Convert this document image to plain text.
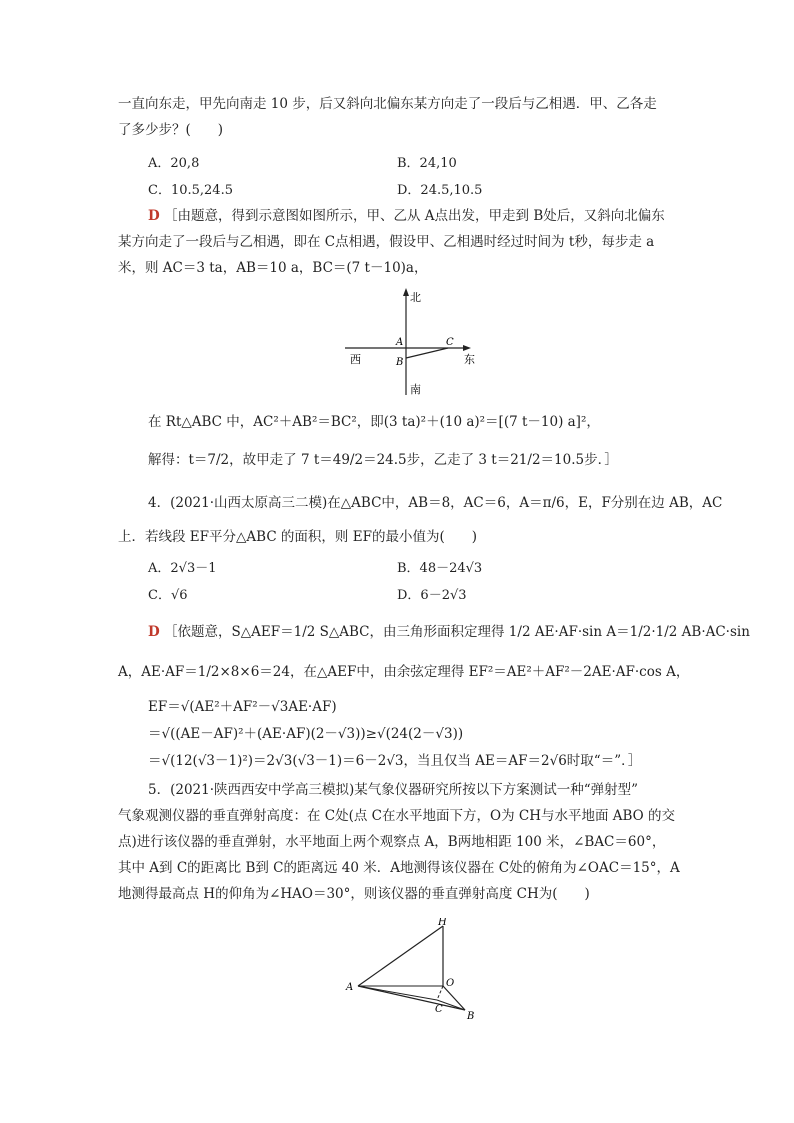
一直向东走，甲先向南走 10 步，后又斜向北偏东某方向走了一段后与乙相遇．甲、乙各走
了多少步？(　　)
A．20,8	B．24,10
C．10.5,24.5	D．24.5,10.5
D ［由题意，得到示意图如图所示，甲、乙从 A点出发，甲走到 B处后，又斜向北偏东
某方向走了一段后与乙相遇，即在 C点相遇，假设甲、乙相遇时经过时间为 t秒，每步走 a
米，则 AC＝3 ta，AB＝10 a，BC＝(7 t－10)a，
北
南
东
西
A
B
C
在 Rt△ABC 中，AC²＋AB²＝BC²，即(3 ta)²＋(10 a)²＝[(7 t－10) a]²，
解得：t＝7/2，故甲走了 7 t＝49/2＝24.5步，乙走了 3 t＝21/2＝10.5步．］
4．(2021·山西太原高三二模)在△ABC中，AB＝8，AC＝6，A＝π/6，E，F分别在边 AB，AC
上．若线段 EF平分△ABC 的面积，则 EF的最小值为(　　)
A．2√3－1	B．48－24√3
C．√6	D．6－2√3
D ［依题意，S△AEF＝1/2 S△ABC，由三角形面积定理得 1/2 AE·AF·sin A＝1/2·1/2 AB·AC·sin
A，AE·AF＝1/2×8×6＝24，在△AEF中，由余弦定理得 EF²＝AE²＋AF²－2AE·AF·cos A，
EF＝√(AE²＋AF²－√3AE·AF)
＝√((AE－AF)²＋(AE·AF)(2－√3))≥√(24(2－√3))
＝√(12(√3－1)²)＝2√3(√3－1)＝6－2√3，当且仅当 AE＝AF＝2√6时取“＝”．］
5．(2021·陕西西安中学高三模拟)某气象仪器研究所按以下方案测试一种“弹射型”
气象观测仪器的垂直弹射高度：在 C处(点 C在水平地面下方，O为 CH与水平地面 ABO 的交
点)进行该仪器的垂直弹射，水平地面上两个观察点 A，B两地相距 100 米，∠BAC＝60°，
其中 A到 C的距离比 B到 C的距离远 40 米．A地测得该仪器在 C处的俯角为∠OAC＝15°，A
地测得最高点 H的仰角为∠HAO＝30°，则该仪器的垂直弹射高度 CH为(　　)
H
O
A
B
C
